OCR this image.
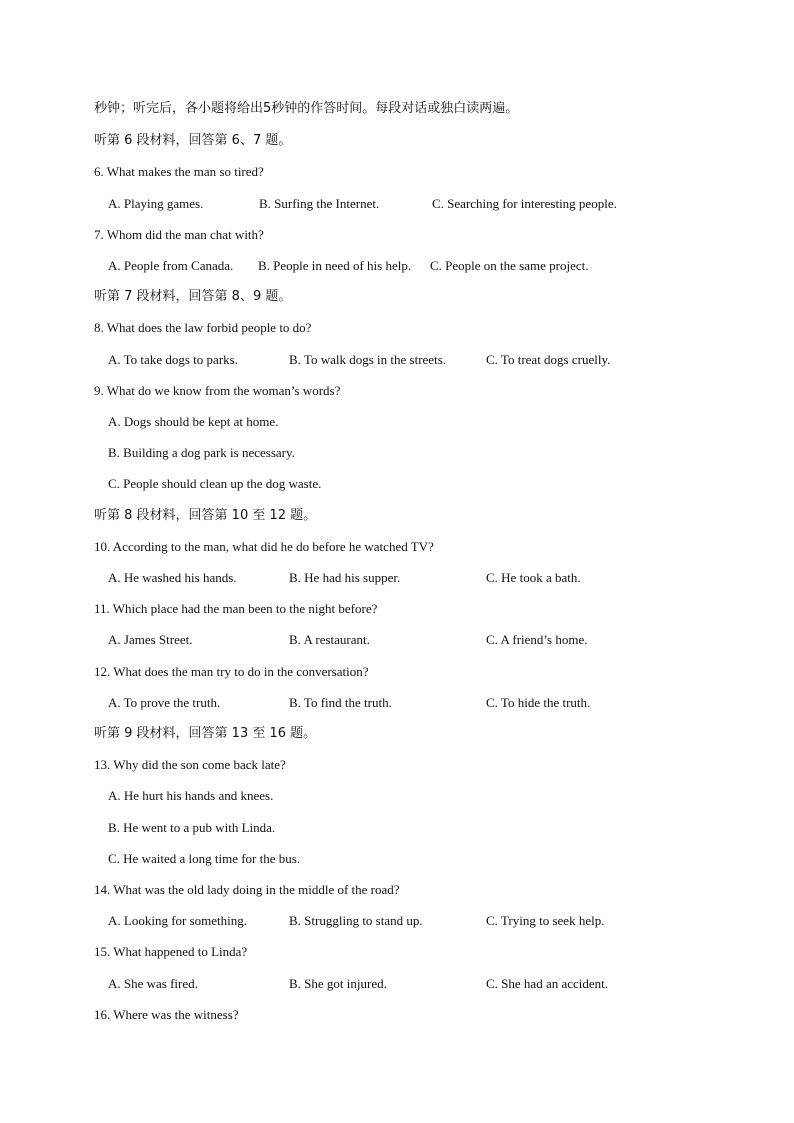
秒钟；听完后，各小题将给出5秒钟的作答时间。每段对话或独白读两遍。
听第 6 段材料，回答第 6、7 题。
6. What makes the man so tired?
A. Playing games.	B. Surfing the Internet.	C. Searching for interesting people.
7. Whom did the man chat with?
A. People from Canada. B. People in need of his help. C. People on the same project.
听第 7 段材料，回答第 8、9 题。
8. What does the law forbid people to do?
A. To take dogs to parks.	B. To walk dogs in the streets.	C. To treat dogs cruelly.
9. What do we know from the woman’s words?
A. Dogs should be kept at home.
B. Building a dog park is necessary.
C. People should clean up the dog waste.
听第 8 段材料，回答第 10 至 12 题。
10. According to the man, what did he do before he watched TV?
A. He washed his hands.	B. He had his supper.	C. He took a bath.
11. Which place had the man been to the night before?
A. James Street.	B. A restaurant.	C. A friend’s home.
12. What does the man try to do in the conversation?
A. To prove the truth.	B. To find the truth.	C. To hide the truth.
听第 9 段材料，回答第 13 至 16 题。
13. Why did the son come back late?
A. He hurt his hands and knees.
B. He went to a pub with Linda.
C. He waited a long time for the bus.
14. What was the old lady doing in the middle of the road?
A. Looking for something.	B. Struggling to stand up.	C. Trying to seek help.
15. What happened to Linda?
A. She was fired.	B. She got injured.	C. She had an accident.
16. Where was the witness?
